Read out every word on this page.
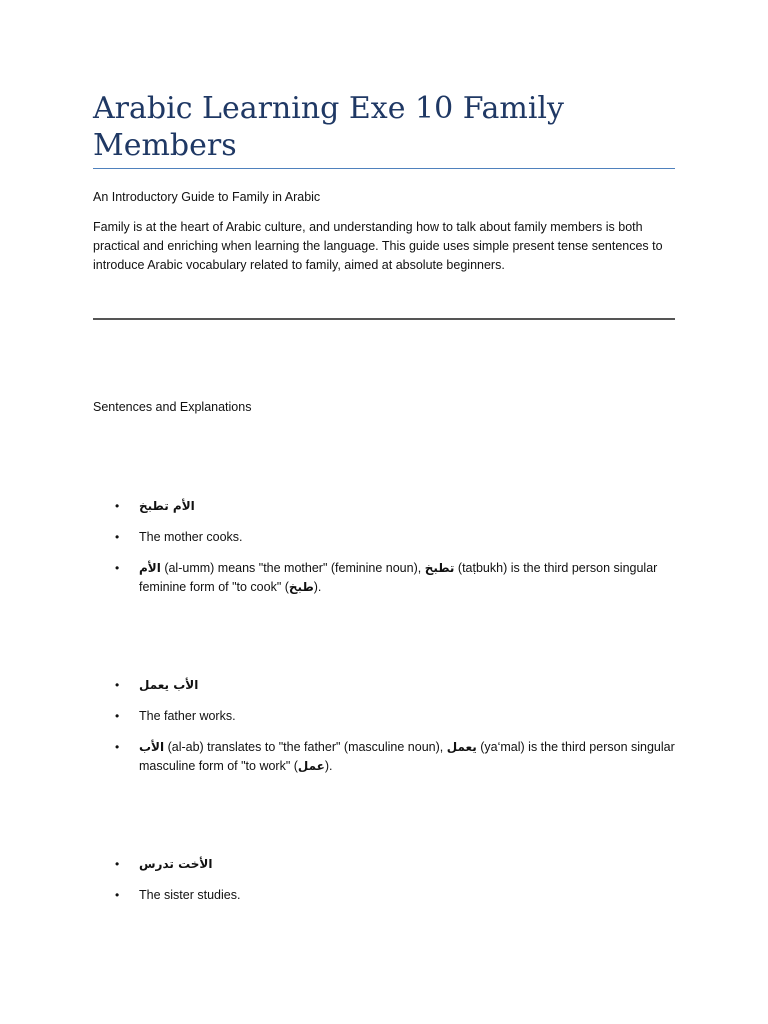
Arabic Learning Exe 10 Family Members
An Introductory Guide to Family in Arabic

Family is at the heart of Arabic culture, and understanding how to talk about family members is both practical and enriching when learning the language. This guide uses simple present tense sentences to introduce Arabic vocabulary related to family, aimed at absolute beginners.

Sentences and Explanations
• الأم تطبخ
• The mother cooks.
• الأم (al-umm) means "the mother" (feminine noun), تطبخ (taṭbukh) is the third person singular feminine form of "to cook" (طبخ).
• الأب يعمل
• The father works.
• الأب (al-ab) translates to "the father" (masculine noun), يعمل (ya‘mal) is the third person singular masculine form of "to work" (عمل).
• الأخت تدرس
• The sister studies.
